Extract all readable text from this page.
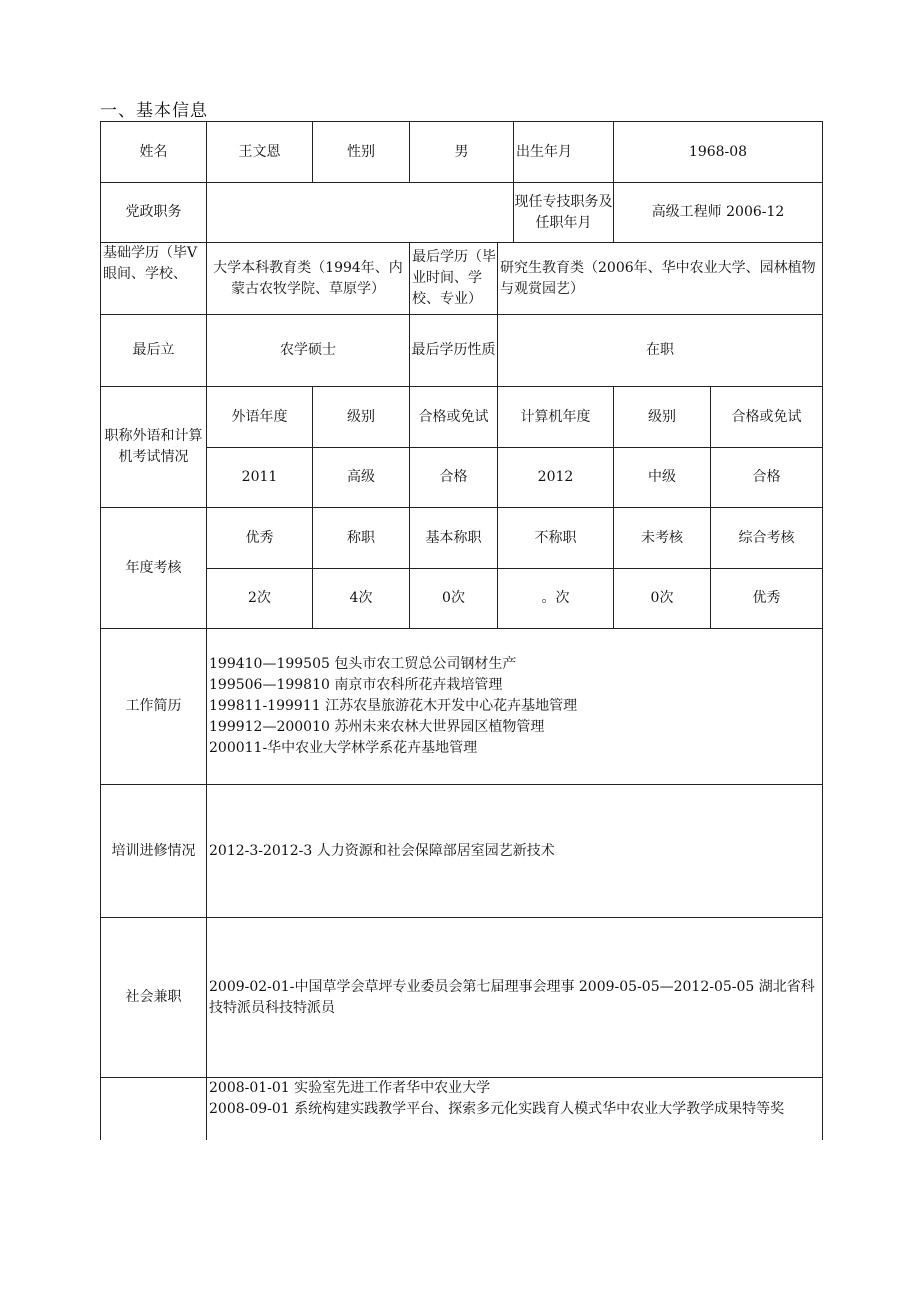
一、基本信息
姓名	王文恩	性别	男		出生年月	1968-08	
党政职务					现任专技职务及任职年月	高级工程师 2006-12	
基础学历（毕V眼间、学校、	大学本科教育类（1994年、内蒙古农牧学院、草原学）		最后学历（毕业时间、学校、专业）	研究生教育类（2006年、华中农业大学、园林植物与观赏园艺）			
最后立	农学硕士		最后学历性质	在职			
职称外语和计算机考试情况	外语年度	级别	合格或免试	计算机年度		级别	合格或免试
	2011	高级	合格	2012		中级	合格
年度考核	优秀	称职	基本称职	不称职		未考核	综合考核
	2次	4次	0次	。次		0次	优秀
工作简历	199410—199505 包头市农工贸总公司钢材生产
199506—199810 南京市农科所花卉栽培管理
199811-199911 江苏农垦旅游花木开发中心花卉基地管理
199912—200010 苏州未来农林大世界园区植物管理
200011-华中农业大学林学系花卉基地管理						

培训进修情况	2012-3-2012-3 人力资源和社会保障部居室园艺新技术						
社会兼职	2009-02-01-中国草学会草坪专业委员会第七届理事会理事 2009-05-05—2012-05-05 湖北省科技特派员科技特派员						

	2008-01-01 实验室先进工作者华中农业大学
2008-09-01 系统构建实践教学平台、探索多元化实践育人模式华中农业大学教学成果特等奖						
